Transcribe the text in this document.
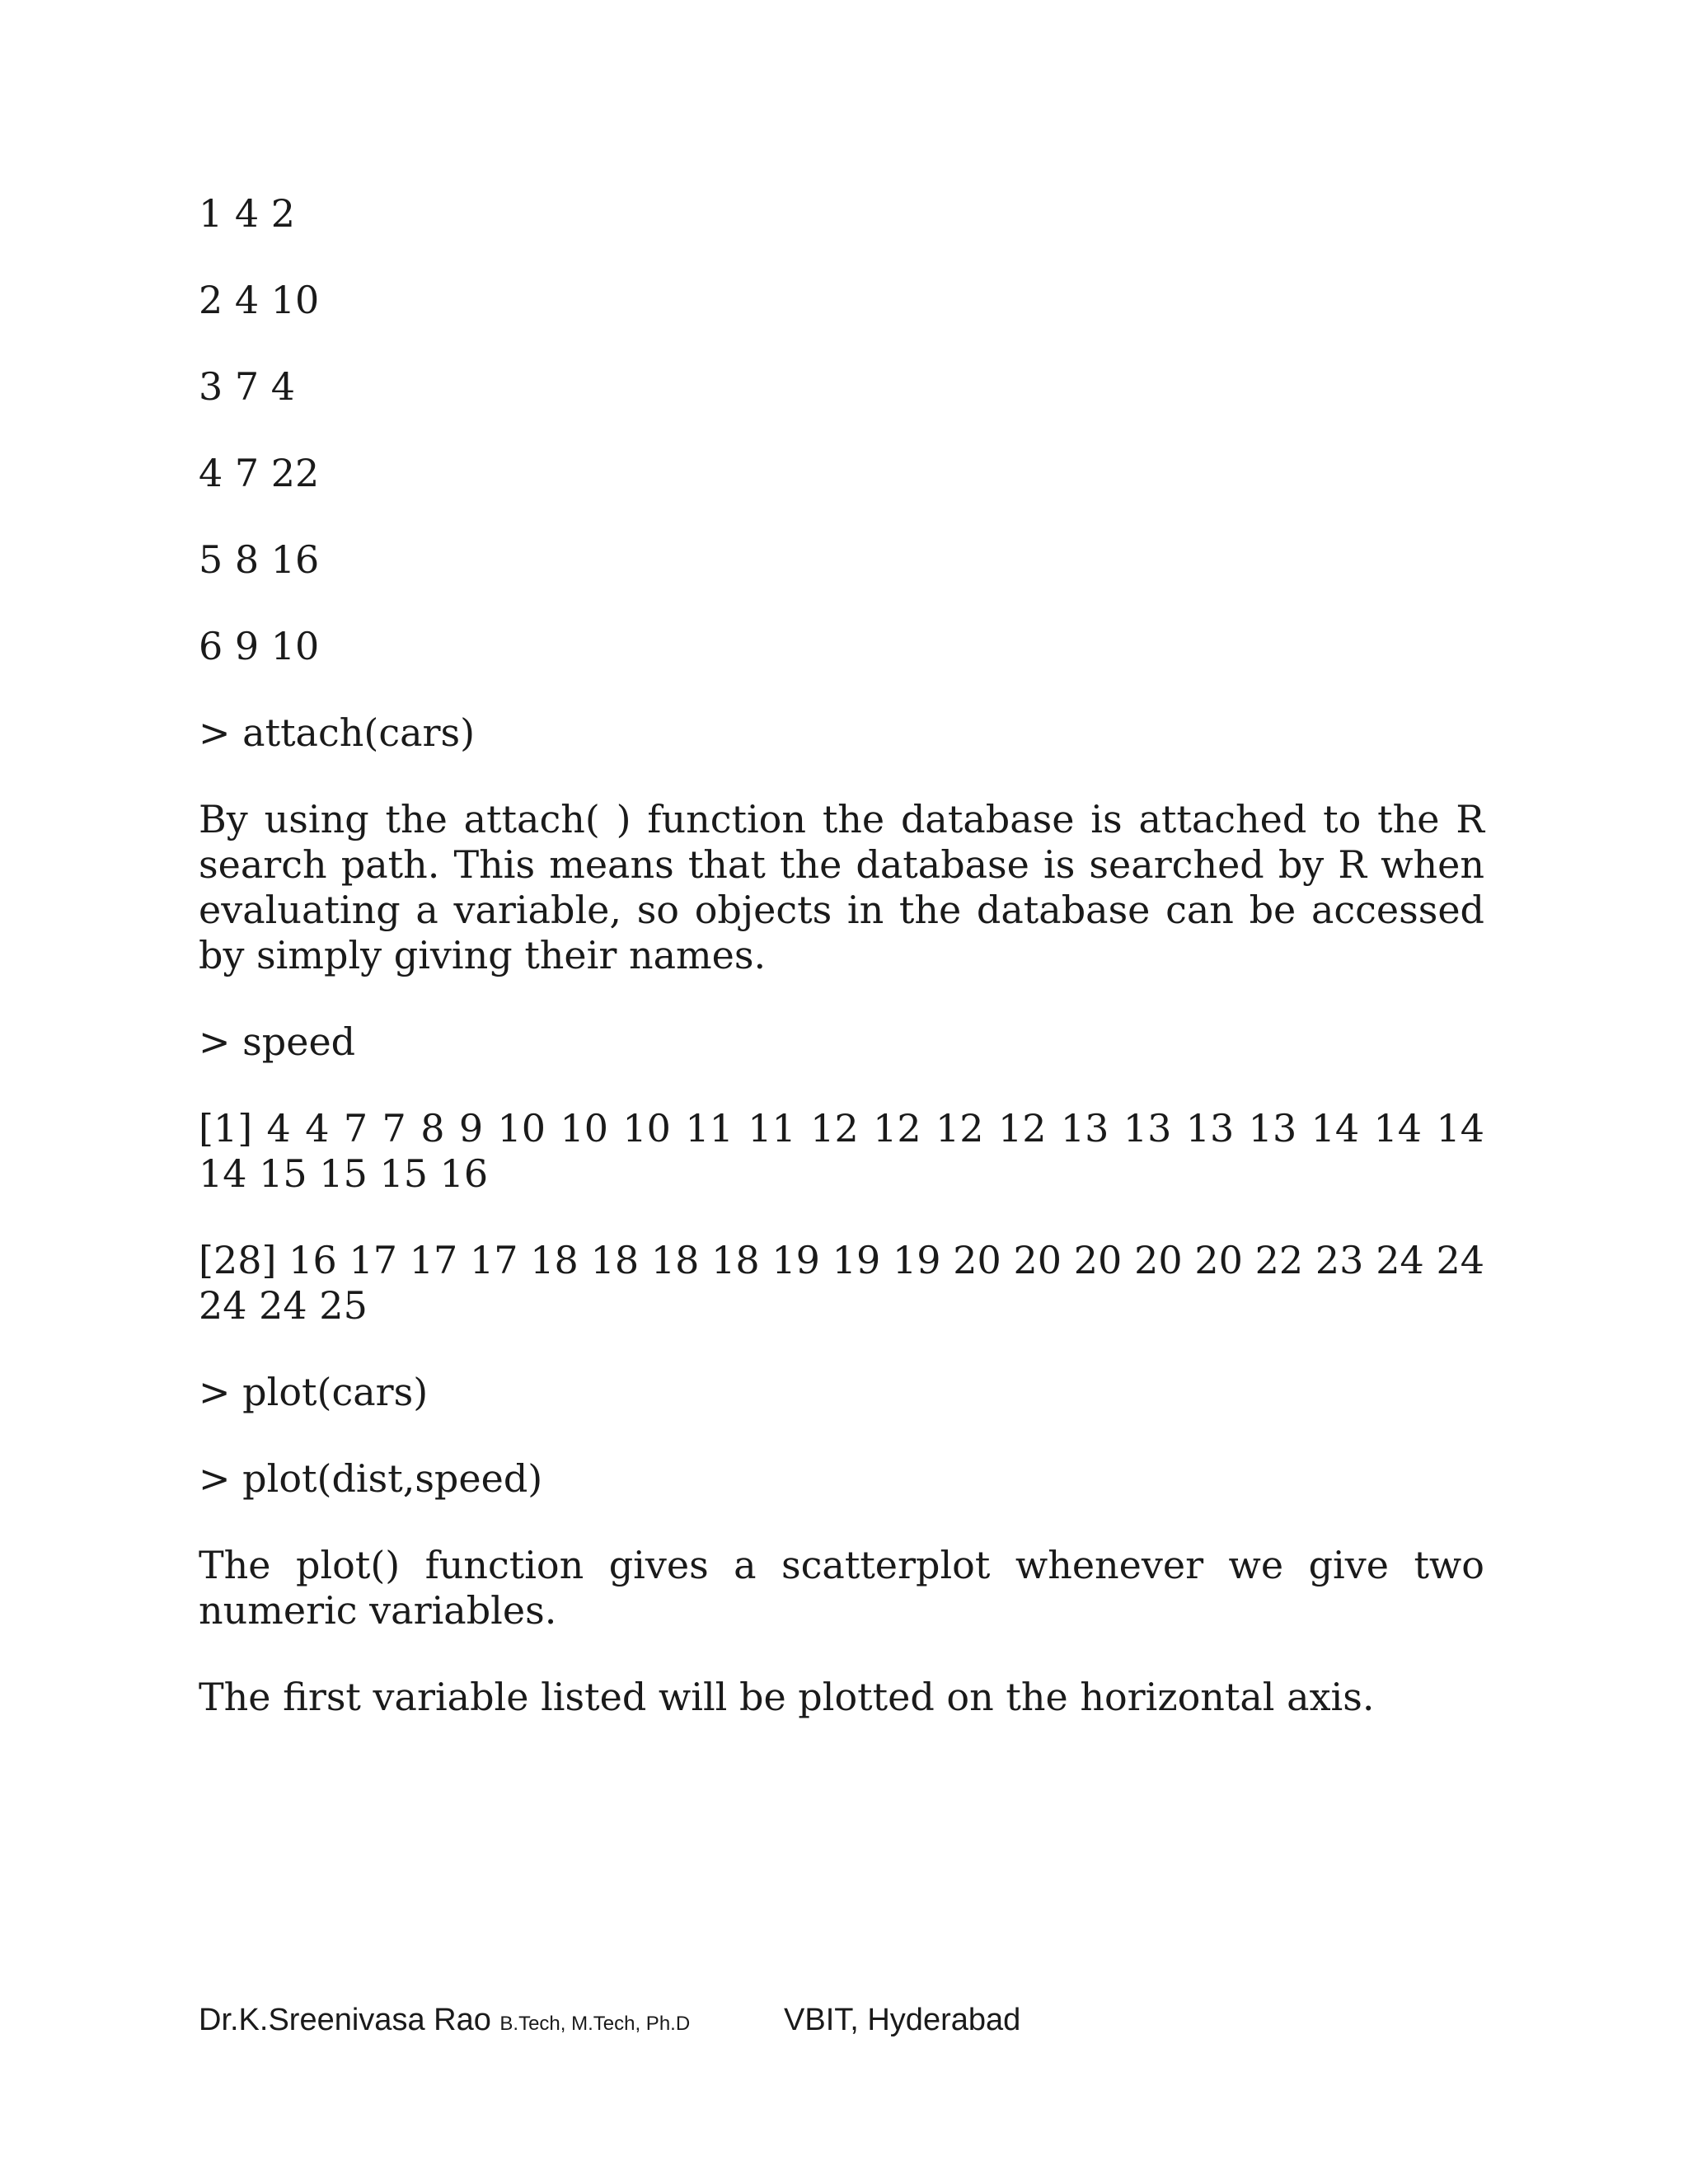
1 4 2
2 4 10
3 7 4
4 7 22
5 8 16
6 9 10
> attach(cars)
By using the attach( ) function the database is attached to the R search path. This means that the database is searched by R when evaluating a variable, so objects in the database can be accessed by simply giving their names.
> speed
[1] 4 4 7 7 8 9 10 10 10 11 11 12 12 12 12 13 13 13 13 14 14 14 14 15 15 15 16
[28] 16 17 17 17 18 18 18 18 19 19 19 20 20 20 20 20 22 23 24 24 24 24 25
> plot(cars)
> plot(dist,speed)
The plot() function gives a scatterplot whenever we give two numeric variables.
The first variable listed will be plotted on the horizontal axis.
Dr.K.Sreenivasa Rao B.Tech, M.Tech, Ph.D	VBIT, Hyderabad
